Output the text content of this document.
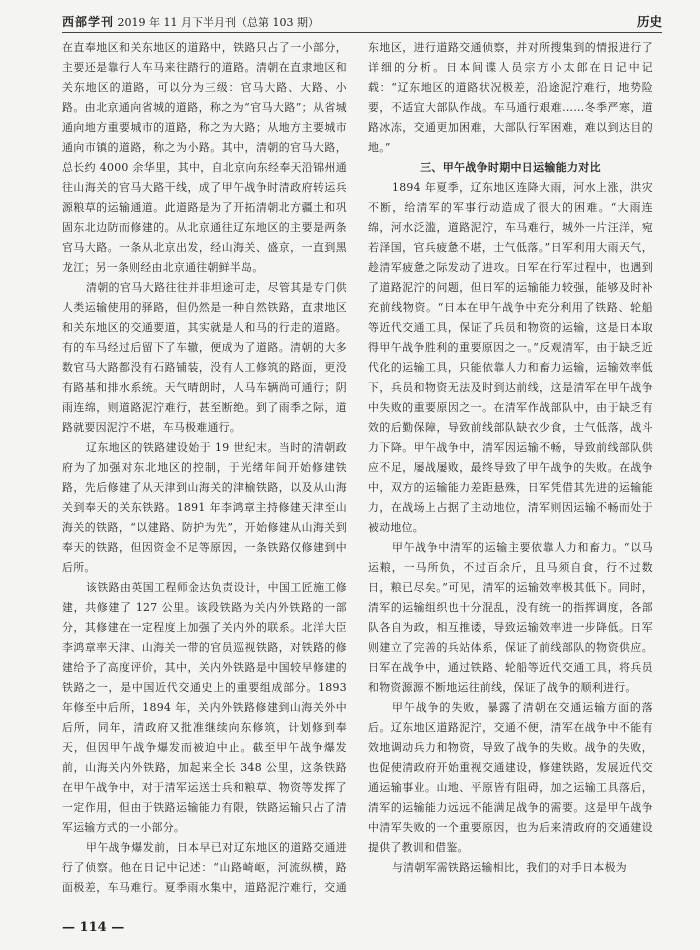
西部学刊 2019 年 11 月下半月刊（总第 103 期）	历史

在直奉地区和关东地区的道路中，铁路只占了一小部分，主要还是靠行人车马来往踏行的道路。清朝在直隶地区和关东地区的道路，可以分为三级：官马大路、大路、小路。由北京通向省城的道路，称之为“官马大路”；从省城通向地方重要城市的道路，称之为大路；从地方主要城市通向市镇的道路，称之为小路。其中，清朝的官马大路，总长约 4000 余华里，其中，自北京向东经奉天沿锦州通往山海关的官马大路干线，成了甲午战争时清政府转运兵源粮草的运输通道。此道路是为了开拓清朝北方疆土和巩固东北边防而修建的。从北京通往辽东地区的主要是两条官马大路。一条从北京出发，经山海关、盛京，一直到黑龙江；另一条则经由北京通往朝鲜半岛。

清朝的官马大路往往并非坦途可走，尽管其是专门供人类运输使用的驿路，但仍然是一种自然铁路，直隶地区和关东地区的交通要道，其实就是人和马的行走的道路。有的车马经过后留下了车辙，便成为了道路。清朝的大多数官马大路都没有石路铺装，没有人工修筑的路面，更没有路基和排水系统。天气晴朗时，人马车辆尚可通行；阴雨连绵，则道路泥泞难行，甚至断绝。到了雨季之际，道路就要因泥泞不堪，车马极难通行。

辽东地区的铁路建设始于 19 世纪末。当时的清朝政府为了加强对东北地区的控制，于光绪年间开始修建铁路，先后修建了从天津到山海关的津榆铁路，以及从山海关到奉天的关东铁路。1891 年李鸿章主持修建天津至山海关的铁路，“以建路、防护为先”，开始修建从山海关到奉天的铁路，但因资金不足等原因，一条铁路仅修建到中后所。

该铁路由英国工程师金达负责设计，中国工匠施工修建，共修建了 127 公里。该段铁路为关内外铁路的一部分，其修建在一定程度上加强了关内外的联系。北洋大臣李鸿章率天津、山海关一带的官员巡视铁路，对铁路的修建给予了高度评价，其中，关内外铁路是中国较早修建的铁路之一，是中国近代交通史上的重要组成部分。1893 年修至中后所，1894 年，关内外铁路修建到山海关外中后所，同年，清政府又批准继续向东修筑，计划修到奉天，但因甲午战争爆发而被迫中止。截至甲午战争爆发前，山海关内外铁路，加起来全长 348 公里，这条铁路在甲午战争中，对于清军运送士兵和粮草、物资等发挥了一定作用，但由于铁路运输能力有限，铁路运输只占了清军运输方式的一小部分。

甲午战争爆发前，日本早已对辽东地区的道路交通进行了侦察。他在日记中记述：“山路崎岖，河流纵横，路面极差，车马难行。夏季雨水集中，道路泥泞难行，交通

东地区，进行道路交通侦察，并对所搜集到的情报进行了详细的分析。日本间谍人员宗方小太郎在日记中记载：“辽东地区的道路状况极差，沿途泥泞难行，地势险要，不适宜大部队作战。车马通行艰难……冬季严寒，道路冰冻，交通更加困难，大部队行军困难，难以到达目的地。”

三、甲午战争时期中日运输能力对比

1894 年夏季，辽东地区连降大雨，河水上涨，洪灾不断，给清军的军事行动造成了很大的困难。“大雨连绵，河水泛滥，道路泥泞，车马难行，城外一片汪洋，宛若泽国，官兵疲惫不堪，士气低落。”日军利用大雨天气，趁清军疲惫之际发动了进攻。日军在行军过程中，也遇到了道路泥泞的问题，但日军的运输能力较强，能够及时补充前线物资。“日本在甲午战争中充分利用了铁路、轮船等近代交通工具，保证了兵员和物资的运输，这是日本取得甲午战争胜利的重要原因之一。”反观清军，由于缺乏近代化的运输工具，只能依靠人力和畜力运输，运输效率低下，兵员和物资无法及时到达前线，这是清军在甲午战争中失败的重要原因之一。在清军作战部队中，由于缺乏有效的后勤保障，导致前线部队缺衣少食，士气低落，战斗力下降。甲午战争中，清军因运输不畅，导致前线部队供应不足，屡战屡败，最终导致了甲午战争的失败。在战争中，双方的运输能力差距悬殊，日军凭借其先进的运输能力，在战场上占据了主动地位，清军则因运输不畅而处于被动地位。

甲午战争中清军的运输主要依靠人力和畜力。“以马运粮，一马所负，不过百余斤，且马须自食，行不过数日，粮已尽矣。”可见，清军的运输效率极其低下。同时，清军的运输组织也十分混乱，没有统一的指挥调度，各部队各自为政，相互推诿，导致运输效率进一步降低。日军则建立了完善的兵站体系，保证了前线部队的物资供应。日军在战争中，通过铁路、轮船等近代交通工具，将兵员和物资源源不断地运往前线，保证了战争的顺利进行。

甲午战争的失败，暴露了清朝在交通运输方面的落后。辽东地区道路泥泞，交通不便，清军在战争中不能有效地调动兵力和物资，导致了战争的失败。战争的失败，也促使清政府开始重视交通建设，修建铁路，发展近代交通运输事业。山地、平原皆有阻碍，加之运输工具落后，清军的运输能力远远不能满足战争的需要。这是甲午战争中清军失败的一个重要原因，也为后来清政府的交通建设提供了教训和借鉴。

与清朝军需铁路运输相比，我们的对手日本极为

— 114 —
